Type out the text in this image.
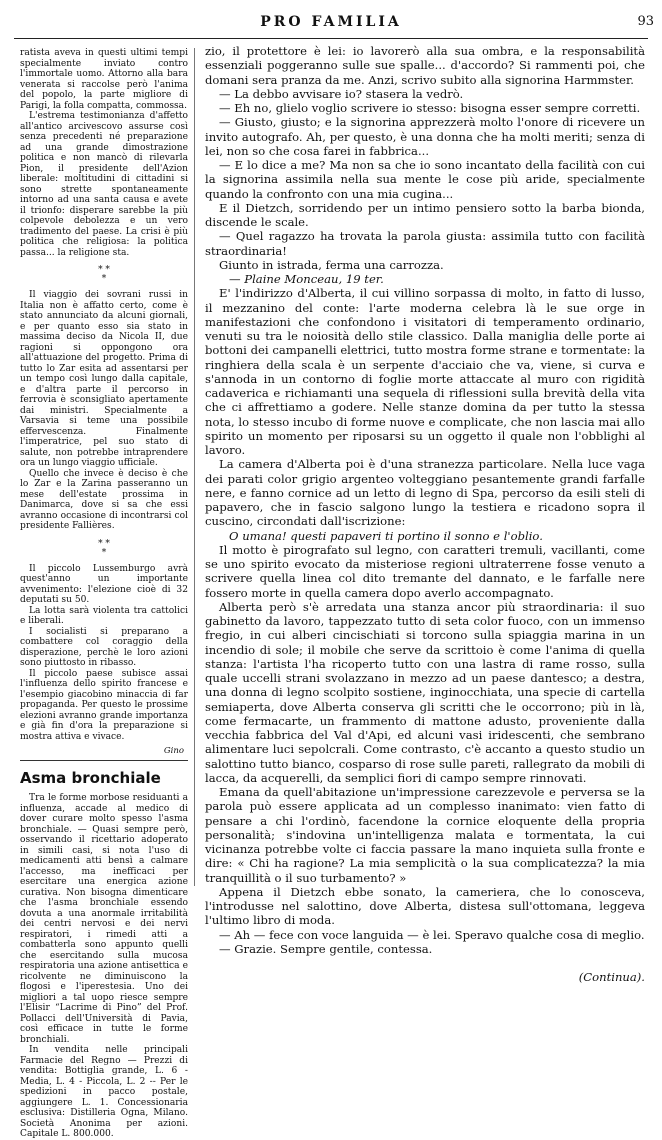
PRO FAMILIA	93

ratista aveva in questi ultimi tempi specialmente inviato contro l'immortale uomo. Attorno alla bara venerata si raccolse però l'anima del popolo, la parte migliore di Parigi, la folla compatta, commossa.

L'estrema testimonianza d'affetto all'antico arcivescovo assurse così senza precedenti né preparazione ad una grande dimostrazione politica e non mancò di rilevarla Pion, il presidente dell'Azion liberale: moltitudini di cittadini si sono strette spontaneamente intorno ad una santa causa e avete il trionfo: disperare sarebbe la più colpevole debolezza e un vero tradimento del paese. La crisi è più politica che religiosa: la politica passa... la religione sta.

* *
*

Il viaggio dei sovrani russi in Italia non è affatto certo, come è stato annunciato da alcuni giornali, e per quanto esso sia stato in massima deciso da Nicola II, due ragioni si oppongono ora all'attuazione del progetto. Prima di tutto lo Zar esita ad assentarsi per un tempo così lungo dalla capitale, e d'altra parte il percorso in ferrovia è sconsigliato apertamente dai ministri. Specialmente a Varsavia si teme una possibile effervescenza. Finalmente l'imperatrice, pel suo stato di salute, non potrebbe intraprendere ora un lungo viaggio ufficiale.

Quello che invece è deciso è che lo Zar e la Zarina passeranno un mese dell'estate prossima in Danimarca, dove si sa che essi avranno occasione di incontrarsi col presidente Fallières.

* *
*

Il piccolo Lussemburgo avrà quest'anno un importante avvenimento: l'elezione cioè di 32 deputati su 50.

La lotta sarà violenta tra cattolici e liberali.

I socialisti si preparano a combattere col coraggio della disperazione, perchè le loro azioni sono piuttosto in ribasso.

Il piccolo paese subisce assai l'influenza dello spirito francese e l'esempio giacobino minaccia di far propaganda. Per questo le prossime elezioni avranno grande importanza e già fin d'ora la preparazione si mostra attiva e vivace.

Gino
Asma bronchiale

Tra le forme morbose residuanti a influenza, accade al medico di dover curare molto spesso l'asma bronchiale. — Quasi sempre però, osservando il ricettario adoperato in simili casi, si nota l'uso di medicamenti atti bensì a calmare l'accesso, ma inefficaci per esercitare una energica azione curativa. Non bisogna dimenticare che l'asma bronchiale essendo dovuta a una anormale irritabilità dei centri nervosi e dei nervi respiratori, i rimedi atti a combatterla sono appunto quelli che esercitando sulla mucosa respiratoria una azione antisettica e ricolvente ne diminuiscono la flogosi e l'iperestesia. Uno dei migliori a tal uopo riesce sempre l'Elisir “Lacrime di Pino” del Prof. Pollacci dell'Università di Pavia, così efficace in tutte le forme bronchiali.

In vendita nelle principali Farmacie del Regno — Prezzi di vendita: Bottiglia grande, L. 6 - Media, L. 4 - Piccola, L. 2 -- Per le spedizioni in pacco postale, aggiungere L. 1. Concessionaria esclusiva: Distilleria Ogna, Milano. Società Anonima per azioni. Capitale L. 800.000.

zio, il protettore è lei: io lavorerò alla sua ombra, e la responsabilità essenziali poggeranno sulle sue spalle... d'accordo? Si rammenti poi, che domani sera pranza da me. Anzi, scrivo subito alla signorina Harmmster.

— La debbo avvisare io? stasera la vedrò.

— Eh no, glielo voglio scrivere io stesso: bisogna esser sempre corretti.

— Giusto, giusto; e la signorina apprezzerà molto l'onore di ricevere un invito autografo. Ah, per questo, è una donna che ha molti meriti; senza di lei, non so che cosa farei in fabbrica...

— E lo dice a me? Ma non sa che io sono incantato della facilità con cui la signorina assimila nella sua mente le cose più aride, specialmente quando la confronto con una mia cugina...

E il Dietzch, sorridendo per un intimo pensiero sotto la barba bionda, discende le scale.

— Quel ragazzo ha trovata la parola giusta: assimila tutto con facilità straordinaria!

Giunto in istrada, ferma una carrozza.

— Plaine Monceau, 19 ter.

E' l'indirizzo d'Alberta, il cui villino sorpassa di molto, in fatto di lusso, il mezzanino del conte: l'arte moderna celebra là le sue orge in manifestazioni che confondono i visitatori di temperamento ordinario, venuti su tra le noiosità dello stile classico. Dalla maniglia delle porte ai bottoni dei campanelli elettrici, tutto mostra forme strane e tormentate: la ringhiera della scala è un serpente d'acciaio che va, viene, si curva e s'annoda in un contorno di foglie morte attaccate al muro con rigidità cadaverica e richiamanti una sequela di riflessioni sulla brevità della vita che ci affrettiamo a godere. Nelle stanze domina da per tutto la stessa nota, lo stesso incubo di forme nuove e complicate, che non lascia mai allo spirito un momento per riposarsi su un oggetto il quale non l'obblighi al lavoro.

La camera d'Alberta poi è d'una stranezza particolare. Nella luce vaga dei parati color grigio argenteo volteggiano pesantemente grandi farfalle nere, e fanno cornice ad un letto di legno di Spa, percorso da esili steli di papavero, che in fascio salgono lungo la testiera e ricadono sopra il cuscino, circondati dall'iscrizione:

O umana! questi papaveri ti portino il sonno e l'oblio.

Il motto è pirografato sul legno, con caratteri tremuli, vacillanti, come se uno spirito evocato da misteriose regioni ultraterrene fosse venuto a scrivere quella linea col dito tremante del dannato, e le farfalle nere fossero morte in quella camera dopo averlo accompagnato.

Alberta però s'è arredata una stanza ancor più straordinaria: il suo gabinetto da lavoro, tappezzato tutto di seta color fuoco, con un immenso fregio, in cui alberi cincischiati si torcono sulla spiaggia marina in un incendio di sole; il mobile che serve da scrittoio è come l'anima di quella stanza: l'artista l'ha ricoperto tutto con una lastra di rame rosso, sulla quale uccelli strani svolazzano in mezzo ad un paese dantesco; a destra, una donna di legno scolpito sostiene, inginocchiata, una specie di cartella semiaperta, dove Alberta conserva gli scritti che le occorrono; più in là, come fermacarte, un frammento di mattone adusto, proveniente dalla vecchia fabbrica del Val d'Api, ed alcuni vasi iridescenti, che sembrano alimentare luci sepolcrali. Come contrasto, c'è accanto a questo studio un salottino tutto bianco, cosparso di rose sulle pareti, rallegrato da mobili di lacca, da acquerelli, da semplici fiori di campo sempre rinnovati.

Emana da quell'abitazione un'impressione carezzevole e perversa se la parola può essere applicata ad un complesso inanimato: vien fatto di pensare a chi l'ordinò, facendone la cornice eloquente della propria personalità; s'indovina un'intelligenza malata e tormentata, la cui vicinanza potrebbe volte ci faccia passare la mano inquieta sulla fronte e dire: « Chi ha ragione? La mia semplicità o la sua complicatezza? la mia tranquillità o il suo turbamento? »

Appena il Dietzch ebbe sonato, la cameriera, che lo conosceva, l'introdusse nel salottino, dove Alberta, distesa sull'ottomana, leggeva l'ultimo libro di moda.

— Ah — fece con voce languida — è lei. Speravo qualche cosa di meglio.

— Grazie. Sempre gentile, contessa.

(Continua).
